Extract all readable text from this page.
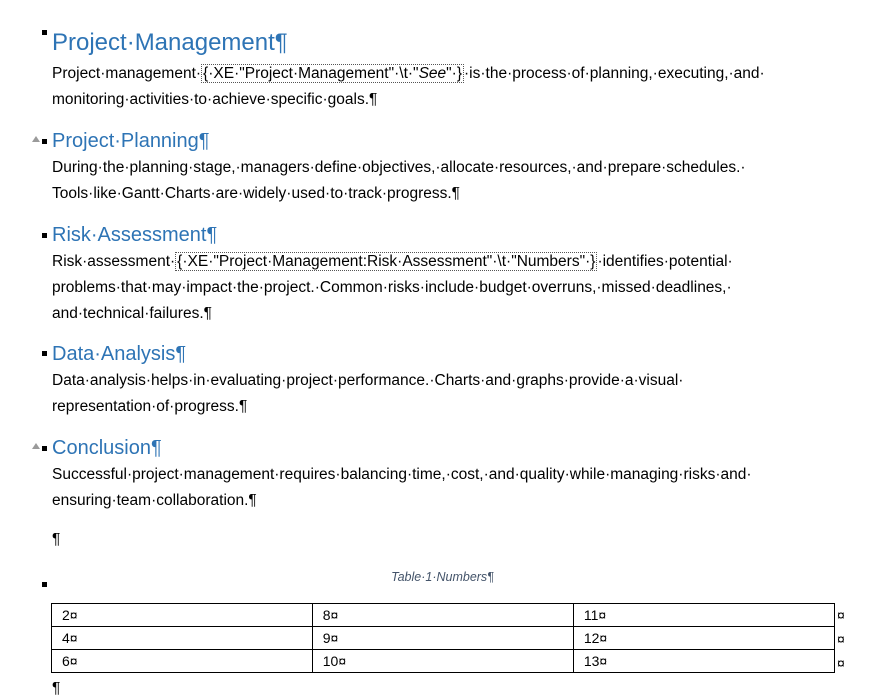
Project·Management¶
Project·management· {·XE·"Project·Management"·\t·"See"·} ·is·the·process·of·planning,·executing,·and·
monitoring·activities·to·achieve·specific·goals.¶
Project·Planning¶
During·the·planning·stage,·managers·define·objectives,·allocate·resources,·and·prepare·schedules.·
Tools·like·Gantt·Charts·are·widely·used·to·track·progress.¶
Risk·Assessment¶
Risk·assessment· {·XE·"Project·Management:Risk·Assessment"·\t·"Numbers"·} ·identifies·potential·
problems·that·may·impact·the·project.·Common·risks·include·budget·overruns,·missed·deadlines,·
and·technical·failures.¶
Data·Analysis¶
Data·analysis·helps·in·evaluating·project·performance.·Charts·and·graphs·provide·a·visual·
representation·of·progress.¶
Conclusion¶
Successful·project·management·requires·balancing·time,·cost,·and·quality·while·managing·risks·and·
ensuring·team·collaboration.¶
¶
Table·1·Numbers¶
2¤	8¤	11¤
4¤	9¤	12¤
6¤	10¤	13¤
¤
¤
¤
¶
